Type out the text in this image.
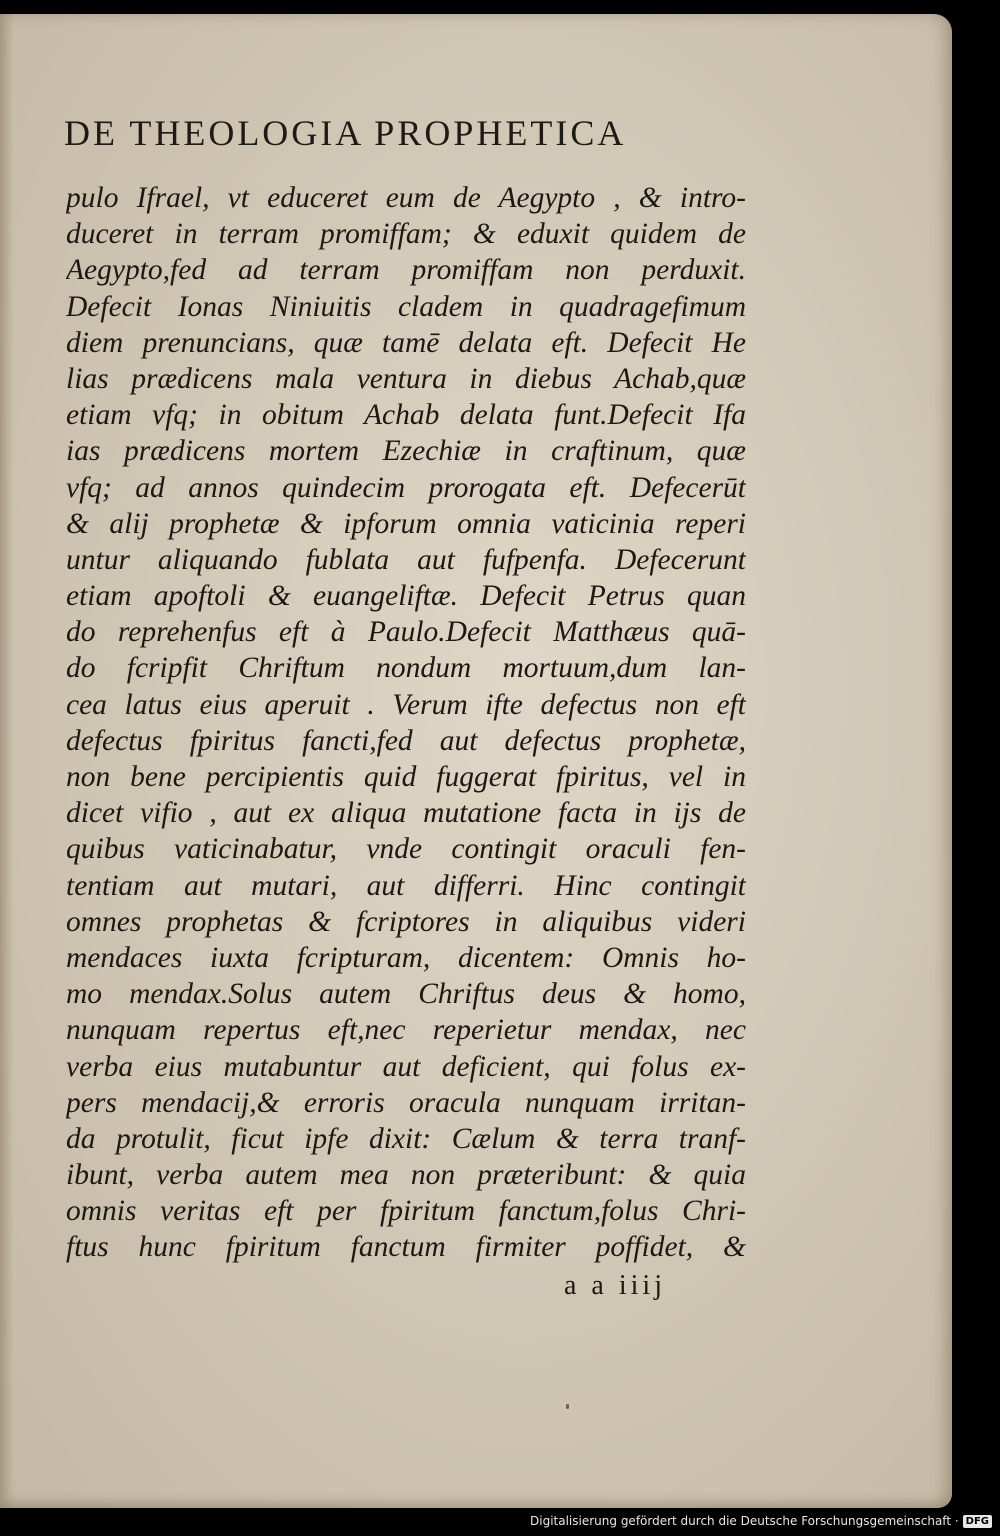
DE THEOLOGIA PROPHETICA
pulo Ifrael, vt educeret eum de Aegypto , & intro-
duceret in terram promiffam; & eduxit quidem de
Aegypto,fed ad terram promiffam non perduxit.
Defecit Ionas Niniuitis cladem in quadragefimum
diem prenuncians, quæ tamē delata eft. Defecit He
lias prædicens mala ventura in diebus Achab,quæ
etiam vfq; in obitum Achab delata funt.Defecit Ifa
ias prædicens mortem Ezechiæ in craftinum, quæ
vfq; ad annos quindecim prorogata eft. Defecerūt
& alij prophetæ & ipforum omnia vaticinia reperi
untur aliquando fublata aut fufpenfa. Defecerunt
etiam apoftoli & euangeliftæ. Defecit Petrus quan
do reprehenfus eft à Paulo.Defecit Matthæus quā-
do fcripfit Chriftum nondum mortuum,dum lan-
cea latus eius aperuit . Verum ifte defectus non eft
defectus fpiritus fancti,fed aut defectus prophetæ,
non bene percipientis quid fuggerat fpiritus, vel in
dicet vifio , aut ex aliqua mutatione facta in ijs de
quibus vaticinabatur, vnde contingit oraculi fen-
tentiam aut mutari, aut differri. Hinc contingit
omnes prophetas & fcriptores in aliquibus videri
mendaces iuxta fcripturam, dicentem: Omnis ho-
mo mendax.Solus autem Chriftus deus & homo,
nunquam repertus eft,nec reperietur mendax, nec
verba eius mutabuntur aut deficient, qui folus ex-
pers mendacij,& erroris oracula nunquam irritan-
da protulit, ficut ipfe dixit: Cælum & terra tranf-
ibunt, verba autem mea non præteribunt: & quia
omnis veritas eft per fpiritum fanctum,folus Chri-
ftus hunc fpiritum fanctum firmiter poffidet, &
a a iiij
Digitalisierung gefördert durch die Deutsche Forschungsgemeinschaft · DFG
